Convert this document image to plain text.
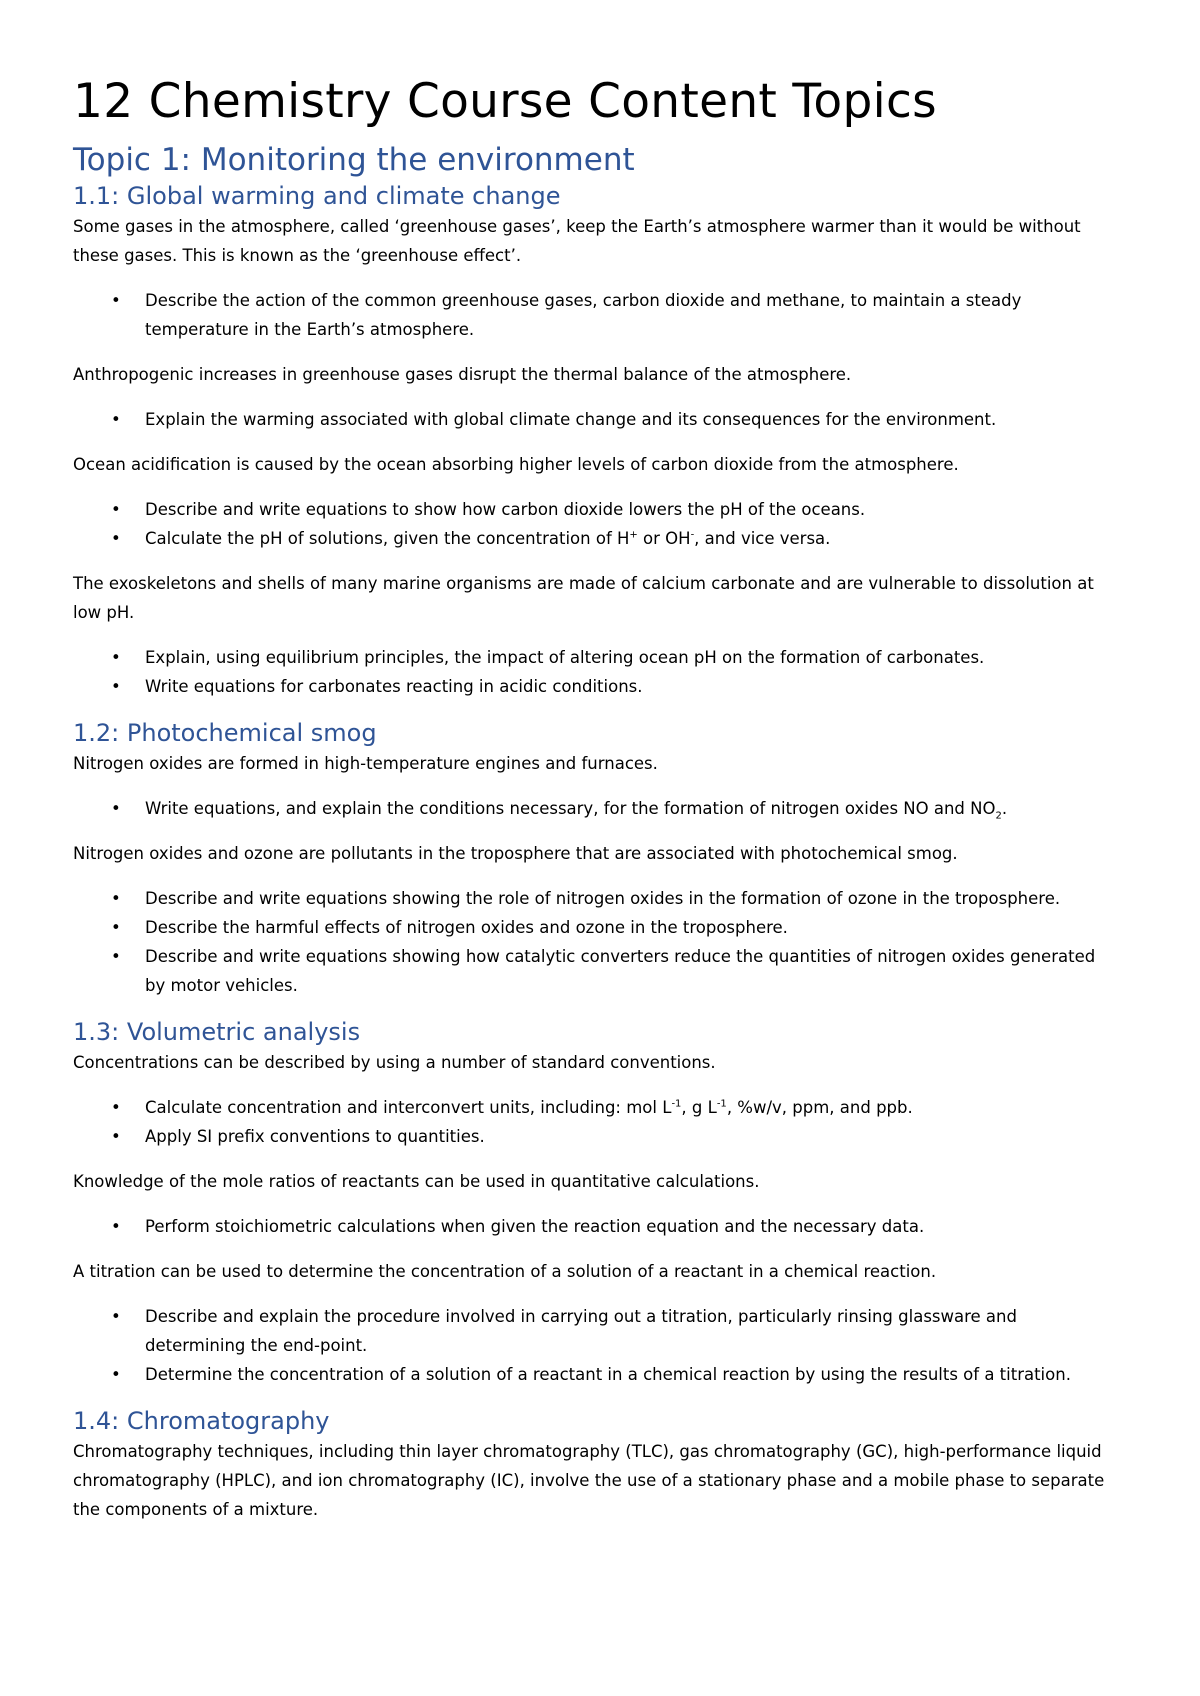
12 Chemistry Course Content Topics
Topic 1: Monitoring the environment
1.1: Global warming and climate change

Some gases in the atmosphere, called ‘greenhouse gases’, keep the Earth’s atmosphere warmer than it would be without these gases. This is known as the ‘greenhouse effect’.

• Describe the action of the common greenhouse gases, carbon dioxide and methane, to maintain a steady temperature in the Earth’s atmosphere.

Anthropogenic increases in greenhouse gases disrupt the thermal balance of the atmosphere.

• Explain the warming associated with global climate change and its consequences for the environment.

Ocean acidification is caused by the ocean absorbing higher levels of carbon dioxide from the atmosphere.

• Describe and write equations to show how carbon dioxide lowers the pH of the oceans.
• Calculate the pH of solutions, given the concentration of H+ or OH-, and vice versa.

The exoskeletons and shells of many marine organisms are made of calcium carbonate and are vulnerable to dissolution at low pH.

• Explain, using equilibrium principles, the impact of altering ocean pH on the formation of carbonates.
• Write equations for carbonates reacting in acidic conditions.
1.2: Photochemical smog

Nitrogen oxides are formed in high-temperature engines and furnaces.

• Write equations, and explain the conditions necessary, for the formation of nitrogen oxides NO and $NO_2$.

Nitrogen oxides and ozone are pollutants in the troposphere that are associated with photochemical smog.

• Describe and write equations showing the role of nitrogen oxides in the formation of ozone in the troposphere.
• Describe the harmful effects of nitrogen oxides and ozone in the troposphere.
• Describe and write equations showing how catalytic converters reduce the quantities of nitrogen oxides generated by motor vehicles.
1.3: Volumetric analysis

Concentrations can be described by using a number of standard conventions.

• Calculate concentration and interconvert units, including: mol $L^{-1}$, g $L^{-1}$, %w/v, ppm, and ppb.
• Apply SI prefix conventions to quantities.

Knowledge of the mole ratios of reactants can be used in quantitative calculations.

• Perform stoichiometric calculations when given the reaction equation and the necessary data.

A titration can be used to determine the concentration of a solution of a reactant in a chemical reaction.

• Describe and explain the procedure involved in carrying out a titration, particularly rinsing glassware and determining the end-point.
• Determine the concentration of a solution of a reactant in a chemical reaction by using the results of a titration.
1.4: Chromatography

Chromatography techniques, including thin layer chromatography (TLC), gas chromatography (GC), high-performance liquid chromatography (HPLC), and ion chromatography (IC), involve the use of a stationary phase and a mobile phase to separate the components of a mixture.
